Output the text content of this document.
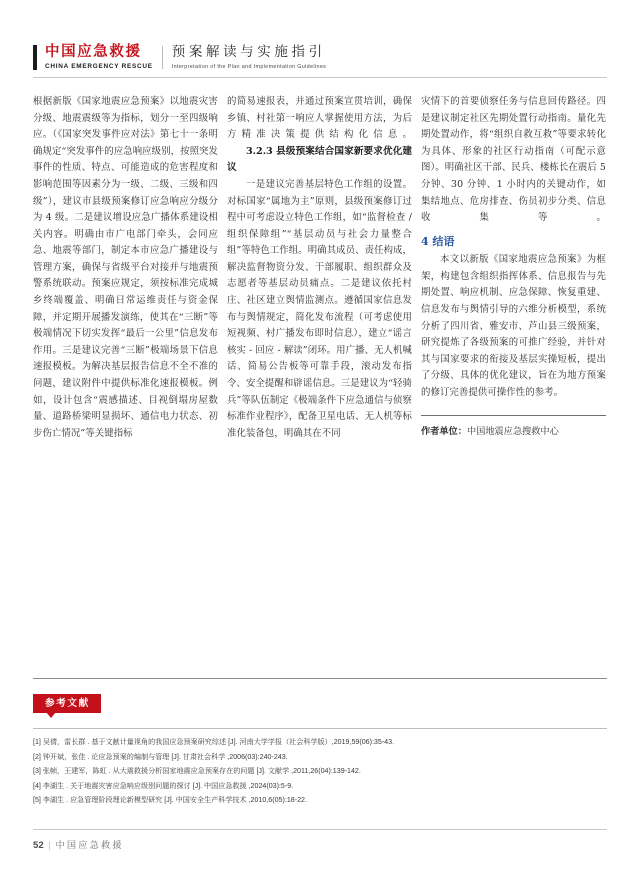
中国应急救援
CHINA EMERGENCY RESCUE
预案解读与实施指引
Interpretation of the Plan and Implementation Guidelines

根据新版《国家地震应急预案》以地震灾害分级、地震震级等为指标，划分一至四级响应。（《国家突发事件应对法》第七十一条明确规定“突发事件的应急响应级别，按照突发事件的性质、特点、可能造成的危害程度和影响范围等因素分为一级、二级、三级和四级”），建议市县级预案修订应急响应分级分为 4 级。二是建议增设应急广播体系建设相关内容。明确由市广电部门牵头，会同应急、地震等部门，制定本市应急广播建设与管理方案，确保与省级平台对接并与地震预警系统联动。预案应规定，须按标准完成城乡终端覆盖、明确日常运维责任与资金保障，并定期开展播发演练，使其在“三断”等极端情况下切实发挥“最后一公里”信息发布作用。三是建议完善“三断”极端场景下信息速报模板。为解决基层报告信息不全不准的问题，建议附件中提供标准化速报模板。例如，设计包含“震感描述、目视倒塌房屋数量、道路桥梁明显损坏、通信电力状态、初步伤亡情况”等关键指标

的简易速报表，并通过预案宣贯培训，确保乡镇、村社第一响应人掌握使用方法，为后方精准决策提供结构化信息。

3.2.3 县级预案结合国家新要求优化建议

一是建议完善基层特色工作组的设置。对标国家“属地为主”原则，县级预案修订过程中可考虑设立特色工作组，如“监督检查 / 组织保障组”“基层动员与社会力量整合组”等特色工作组。明确其成员、责任构成，解决监督物资分发、干部履职、组织群众及志愿者等基层动员痛点。二是建议依托村庄、社区建立舆情监测点。遵循国家信息发布与舆情规定，简化发布流程（可考虑使用短视频、村广播发布即时信息），建立“谣言核实 - 回应 - 解读”闭环。用广播、无人机喊话、简易公告板等可靠手段，滚动发布指令、安全提醒和辟谣信息。三是建议为“轻骑兵”等队伍制定《极端条件下应急通信与侦察标准作业程序》，配备卫星电话、无人机等标准化装备包，明确其在不同

灾情下的首要侦察任务与信息回传路径。四是建议制定社区先期处置行动指南。量化先期处置动作，将“组织自救互救”等要求转化为具体、形象的社区行动指南（可配示意图）。明确社区干部、民兵、楼栋长在震后 5 分钟、30 分钟、1 小时内的关键动作，如集结地点、危房排查、伤员初步分类、信息收集等。

4 结语

本文以新版《国家地震应急预案》为框架，构建包含组织指挥体系、信息报告与先期处置、响应机制、应急保障、恢复重建、信息发布与舆情引导的六维分析模型，系统分析了四川省、雅安市、芦山县三级预案，研究提炼了各级预案的可推广经验，并针对其与国家要求的衔接及基层实操短板，提出了分级、具体的优化建议，旨在为地方预案的修订完善提供可操作性的参考。

作者单位：中国地震应急搜救中心
参考文献
[1] 吴倩，雷长群 . 基于文献计量视角的我国应急预案研究综述 [J]. 河南大学学报（社会科学版）,2019,59(06):35-43.
[2] 钟开斌，张佳 . 论应急预案的编制与管理 [J]. 甘肃社会科学 ,2006(03):240-243.
[3] 张帧，王建军，陈虹 . 从大震救援分析国家地震应急预案存在的问题 [J]. 文献学 ,2011,26(04):139-142.
[4] 李湖生 . 关于地震灾害应急响应级别问题的探讨 [J]. 中国应急救援 ,2024(03):5-9.
[5] 李湖生 . 应急管理阶段理论新模型研究 [J]. 中国安全生产科学技术 ,2010,6(05):18-22.
52 | 中国应急救援
